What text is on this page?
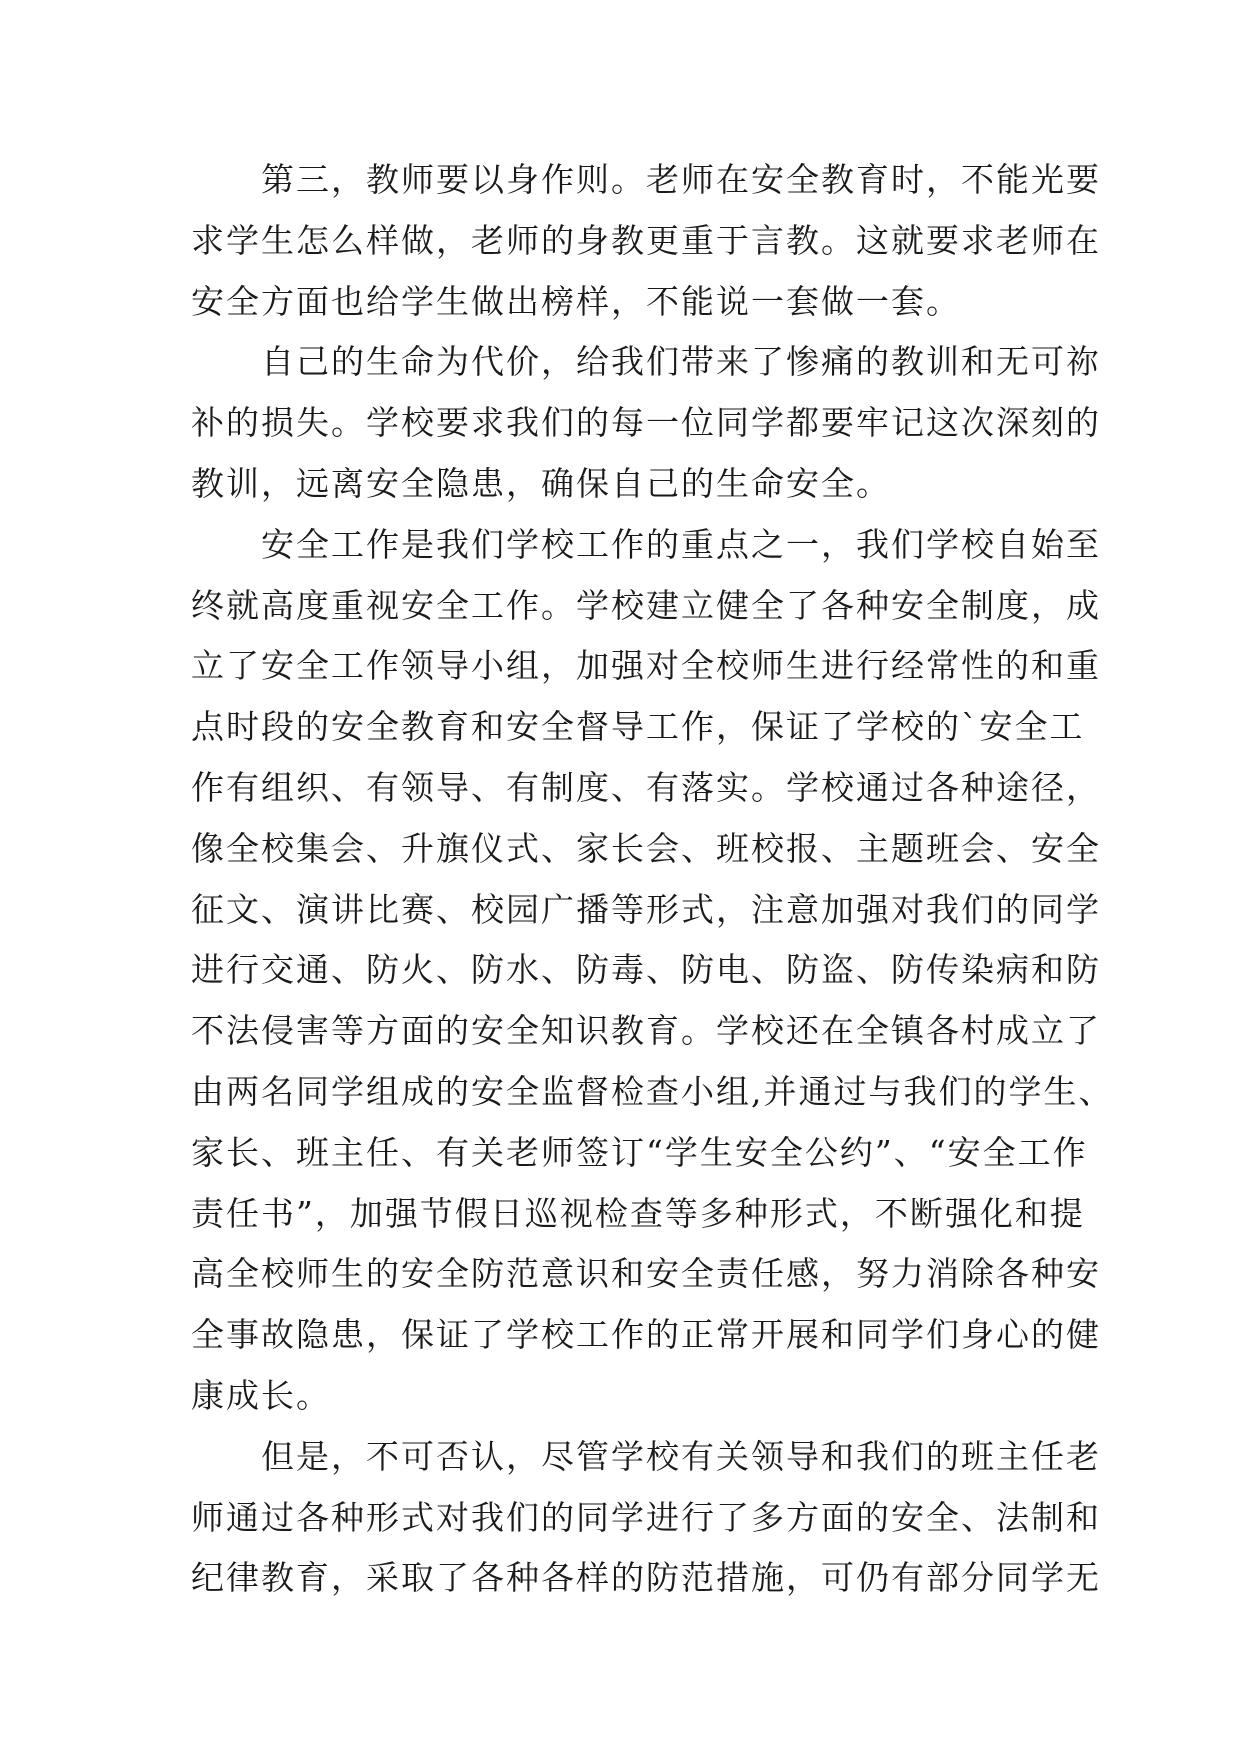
　　第三，教师要以身作则。老师在安全教育时，不能光要
求学生怎么样做，老师的身教更重于言教。这就要求老师在
安全方面也给学生做出榜样，不能说一套做一套。
　　自己的生命为代价，给我们带来了惨痛的教训和无可祢
补的损失。学校要求我们的每一位同学都要牢记这次深刻的
教训，远离安全隐患，确保自己的生命安全。
　　安全工作是我们学校工作的重点之一，我们学校自始至
终就高度重视安全工作。学校建立健全了各种安全制度，成
立了安全工作领导小组，加强对全校师生进行经常性的和重
点时段的安全教育和安全督导工作，保证了学校的`安全工
作有组织、有领导、有制度、有落实。学校通过各种途径，
像全校集会、升旗仪式、家长会、班校报、主题班会、安全
征文、演讲比赛、校园广播等形式，注意加强对我们的同学
进行交通、防火、防水、防毒、防电、防盗、防传染病和防
不法侵害等方面的安全知识教育。学校还在全镇各村成立了
由两名同学组成的安全监督检查小组,并通过与我们的学生、
家长、班主任、有关老师签订“学生安全公约”、“安全工作
责任书”，加强节假日巡视检查等多种形式，不断强化和提
高全校师生的安全防范意识和安全责任感，努力消除各种安
全事故隐患，保证了学校工作的正常开展和同学们身心的健
康成长。
　　但是，不可否认，尽管学校有关领导和我们的班主任老
师通过各种形式对我们的同学进行了多方面的安全、法制和
纪律教育，采取了各种各样的防范措施，可仍有部分同学无
